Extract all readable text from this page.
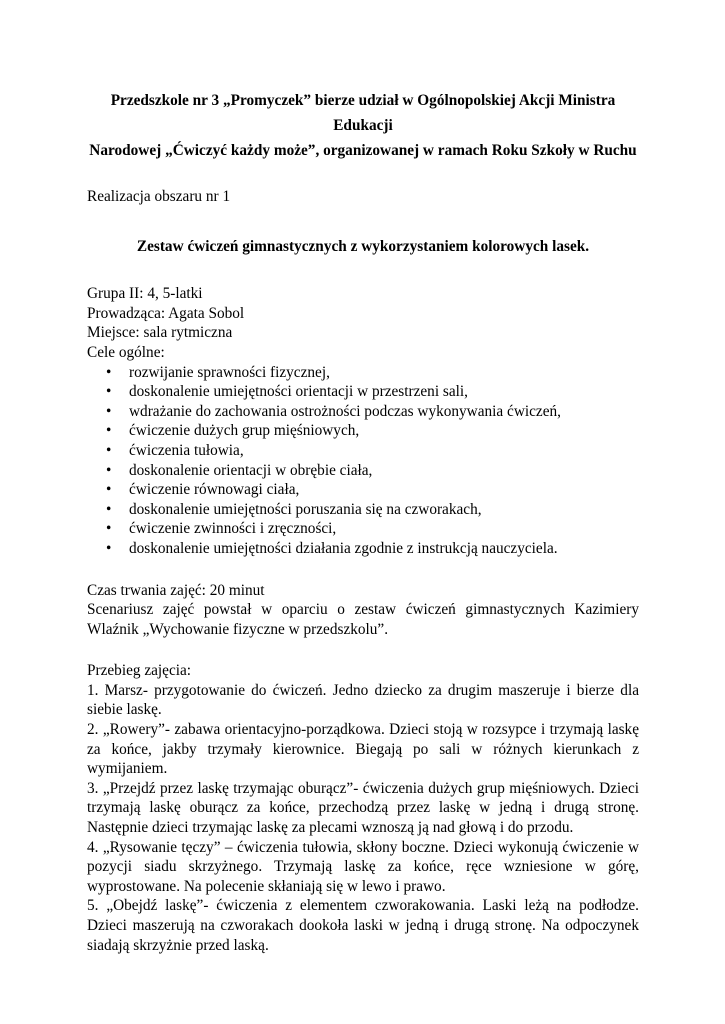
Przedszkole nr 3 „Promyczek” bierze udział w Ogólnopolskiej Akcji Ministra Edukacji

Narodowej „Ćwiczyć każdy może”, organizowanej w ramach Roku Szkoły w Ruchu

Realizacja obszaru nr 1

Zestaw ćwiczeń gimnastycznych z wykorzystaniem kolorowych lasek.

Grupa II: 4, 5-latki

Prowadząca: Agata Sobol

Miejsce: sala rytmiczna

Cele ogólne:

• rozwijanie sprawności fizycznej,
• doskonalenie umiejętności orientacji w przestrzeni sali,
• wdrażanie do zachowania ostrożności podczas wykonywania ćwiczeń,
• ćwiczenie dużych grup mięśniowych,
• ćwiczenia tułowia,
• doskonalenie orientacji w obrębie ciała,
• ćwiczenie równowagi ciała,
• doskonalenie umiejętności poruszania się na czworakach,
• ćwiczenie zwinności i zręczności,
• doskonalenie umiejętności działania zgodnie z instrukcją nauczyciela.

Czas trwania zajęć: 20 minut

Scenariusz zajęć powstał w oparciu o zestaw ćwiczeń gimnastycznych Kazimiery Wlaźnik „Wychowanie fizyczne w przedszkolu”.

Przebieg zajęcia:

1. Marsz- przygotowanie do ćwiczeń. Jedno dziecko za drugim maszeruje i bierze dla siebie laskę.

2. „Rowery”- zabawa orientacyjno-porządkowa. Dzieci stoją w rozsypce i trzymają laskę za końce, jakby trzymały kierownice. Biegają po sali w różnych kierunkach z wymijaniem.

3. „Przejdź przez laskę trzymając oburącz”- ćwiczenia dużych grup mięśniowych. Dzieci trzymają laskę oburącz za końce, przechodzą przez laskę w jedną i drugą stronę. Następnie dzieci trzymając laskę za plecami wznoszą ją nad głową i do przodu.

4. „Rysowanie tęczy” – ćwiczenia tułowia, skłony boczne. Dzieci wykonują ćwiczenie w pozycji siadu skrzyżnego. Trzymają laskę za końce, ręce wzniesione w górę, wyprostowane. Na polecenie skłaniają się w lewo i prawo.

5. „Obejdź laskę”- ćwiczenia z elementem czworakowania. Laski leżą na podłodze. Dzieci maszerują na czworakach dookoła laski w jedną i drugą stronę. Na odpoczynek siadają skrzyżnie przed laską.
